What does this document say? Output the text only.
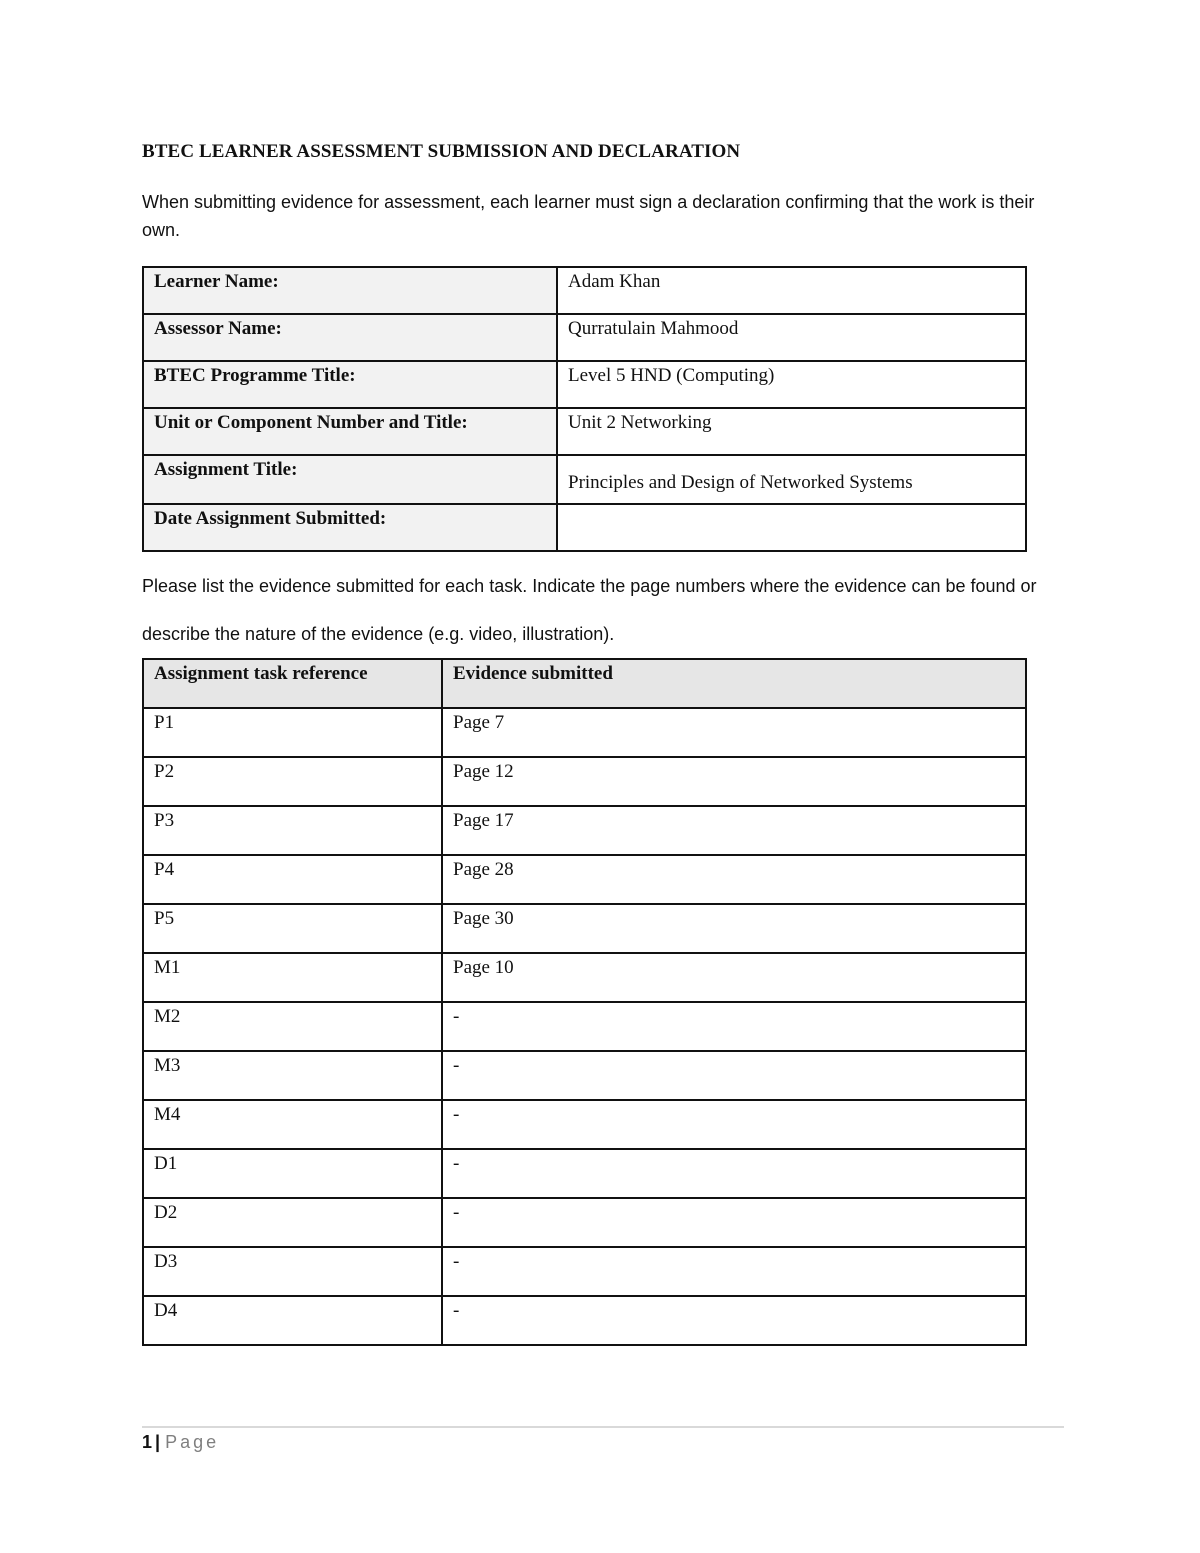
BTEC LEARNER ASSESSMENT SUBMISSION AND DECLARATION
When submitting evidence for assessment, each learner must sign a declaration confirming that the work is their own.
Learner Name:	Adam Khan
Assessor Name:	Qurratulain Mahmood
BTEC Programme Title:	Level 5 HND (Computing)
Unit or Component Number and Title:	Unit 2 Networking
Assignment Title:	Principles and Design of Networked Systems
Date Assignment Submitted:	
Please list the evidence submitted for each task. Indicate the page numbers where the evidence can be found or describe the nature of the evidence (e.g. video, illustration).
Assignment task reference	Evidence submitted
P1	Page 7
P2	Page 12
P3	Page 17
P4	Page 28
P5	Page 30
M1	Page 10
M2	-
M3	-
M4	-
D1	-
D2	-
D3	-
D4	-
1 | Page
